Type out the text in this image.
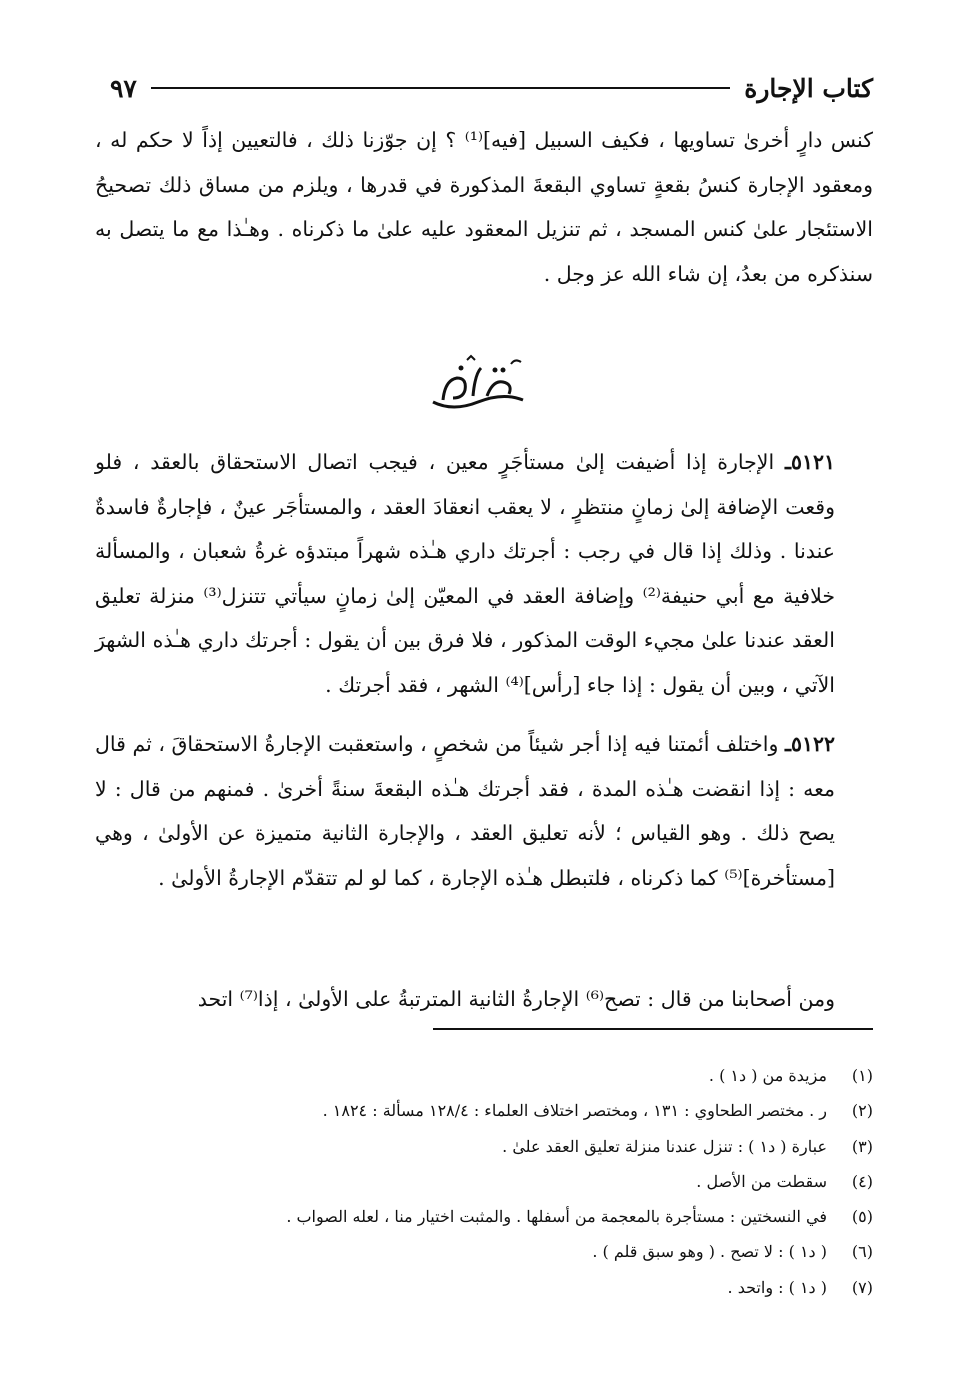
كتاب الإجارة
٩٧

كنس دارٍ أخرىٰ تساويها ، فكيف السبيل [فيه]⁽¹⁾ ؟ إن جوّزنا ذلك ، فالتعيين إذاً لا حكم له ، ومعقود الإجارة كنسُ بقعةٍ تساوي البقعةَ المذكورة في قدرها ، ويلزم من مساق ذلك تصحيحُ الاستئجار علىٰ كنس المسجد ، ثم تنزيل المعقود عليه علىٰ ما ذكرناه . وهـٰذا مع ما يتصل به سنذكره من بعدُ، إن شاء الله عز وجل .

٥١٢١ـ الإجارة إذا أضيفت إلىٰ مستأجَرٍ معين ، فيجب اتصال الاستحقاق بالعقد ، فلو وقعت الإضافة إلىٰ زمانٍ منتظرٍ ، لا يعقب انعقادَ العقد ، والمستأجَر عينٌ ، فإجارةٌ فاسدةٌ عندنا . وذلك إذا قال في رجب : أجرتك داري هـٰذه شهراً مبتدؤه غرةُ شعبان ، والمسألة خلافية مع أبي حنيفة⁽²⁾ وإضافة العقد في المعيّن إلىٰ زمانٍ سيأتي تتنزل⁽³⁾ منزلة تعليق العقد عندنا علىٰ مجيء الوقت المذكور ، فلا فرق بين أن يقول : أجرتك داري هـٰذه الشهرَ الآتي ، وبين أن يقول : إذا جاء [رأس]⁽⁴⁾ الشهر ، فقد أجرتك .

٥١٢٢ـ واختلف أئمتنا فيه إذا أجر شيئاً من شخصٍ ، واستعقبت الإجارةُ الاستحقاقَ ، ثم قال معه : إذا انقضت هـٰذه المدة ، فقد أجرتك هـٰذه البقعةَ سنةً أخرىٰ . فمنهم من قال : لا يصح ذلك . وهو القياس ؛ لأنه تعليق العقد ، والإجارة الثانية متميزة عن الأولىٰ ، وهي [مستأخرة]⁽⁵⁾ كما ذكرناه ، فلتبطل هـٰذه الإجارة ، كما لو لم تتقدّم الإجارةُ الأولىٰ .

ومن أصحابنا من قال : تصح⁽⁶⁾ الإجارةُ الثانية المترتبةُ على الأولىٰ ، إذا⁽⁷⁾ اتحد

(١)
مزيدة من ( د١ ) .
(٢)
ر . مختصر الطحاوي : ١٣١ ، ومختصر اختلاف العلماء : ١٢٨/٤ مسألة : ١٨٢٤ .
(٣)
عبارة ( د١ ) : تنزل عندنا منزلة تعليق العقد علىٰ .
(٤)
سقطت من الأصل .
(٥)
في النسختين : مستأجرة بالمعجمة من أسفلها . والمثبت اختيار منا ، لعله الصواب .
(٦)
( د١ ) : لا تصح . ( وهو سبق قلم ) .
(٧)
( د١ ) : واتحد .
